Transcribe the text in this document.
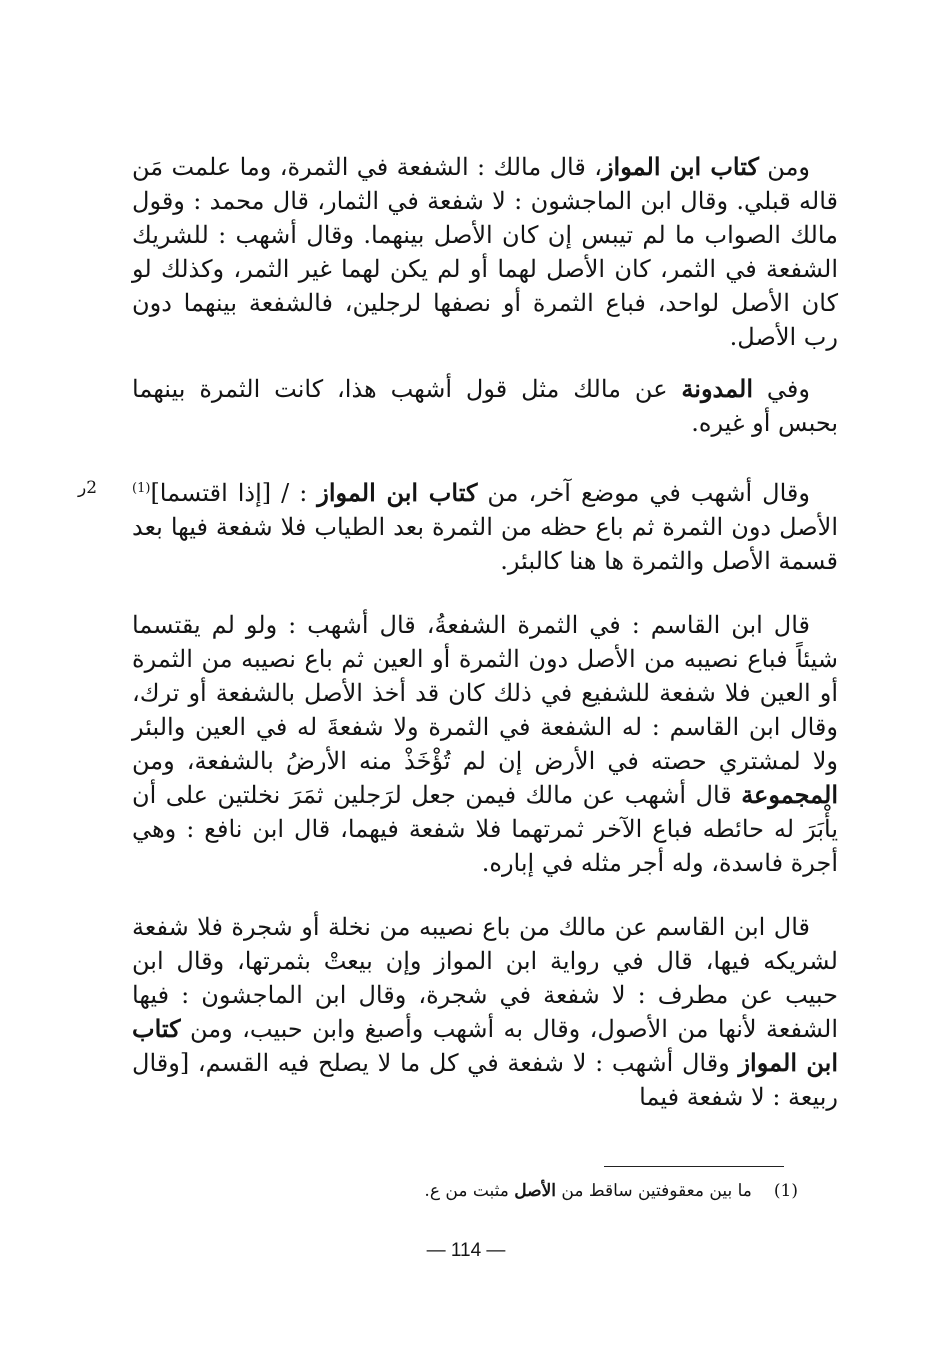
2ر

ومن كتاب ابن المواز، قال مالك : الشفعة في الثمرة، وما علمت مَن قاله قبلي. وقال ابن الماجشون : لا شفعة في الثمار، قال محمد : وقول مالك الصواب ما لم تيبس إن كان الأصل بينهما. وقال أشهب : للشريك الشفعة في الثمر، كان الأصل لهما أو لم يكن لهما غير الثمر، وكذلك لو كان الأصل لواحد، فباع الثمرة أو نصفها لرجلين، فالشفعة بينهما دون رب الأصل.

وفي المدونة عن مالك مثل قول أشهب هذا، كانت الثمرة بينهما بحبس أو غيره.

وقال أشهب في موضع آخر، من كتاب ابن المواز : / [إذا اقتسما]$^{(1)}$ الأصل دون الثمرة ثم باع حظه من الثمرة بعد الطياب فلا شفعة فيها بعد قسمة الأصل والثمرة ها هنا كالبئر.

قال ابن القاسم : في الثمرة الشفعةُ، قال أشهب : ولو لم يقتسما شيئاً فباع نصيبه من الأصل دون الثمرة أو العين ثم باع نصيبه من الثمرة أو العين فلا شفعة للشفيع في ذلك كان قد أخذ الأصل بالشفعة أو ترك، وقال ابن القاسم : له الشفعة في الثمرة ولا شفعةَ له في العين والبئر ولا لمشتري حصته في الأرض إن لم تُؤْخَذْ منه الأرضُ بالشفعة، ومن المجموعة قال أشهب عن مالك فيمن جعل لرَجلين ثمَرَ نخلتين على أن يأْبَرَ له حائطه فباع الآخر ثمرتهما فلا شفعة فيهما، قال ابن نافع : وهي أجرة فاسدة، وله أجر مثله في إباره.

قال ابن القاسم عن مالك من باع نصيبه من نخلة أو شجرة فلا شفعة لشريكه فيها، قال في رواية ابن المواز وإن بيعتْ بثمرتها، وقال ابن حبيب عن مطرف : لا شفعة في شجرة، وقال ابن الماجشون : فيها الشفعة لأنها من الأصول، وقال به أشهب وأصبغ وابن حبيب، ومن كتاب ابن المواز وقال أشهب : لا شفعة في كل ما لا يصلح فيه القسم، [وقال ربيعة : لا شفعة فيما

(1)ما بين معقوفتين ساقط من الأصل مثبت من ع.
— 114 —
